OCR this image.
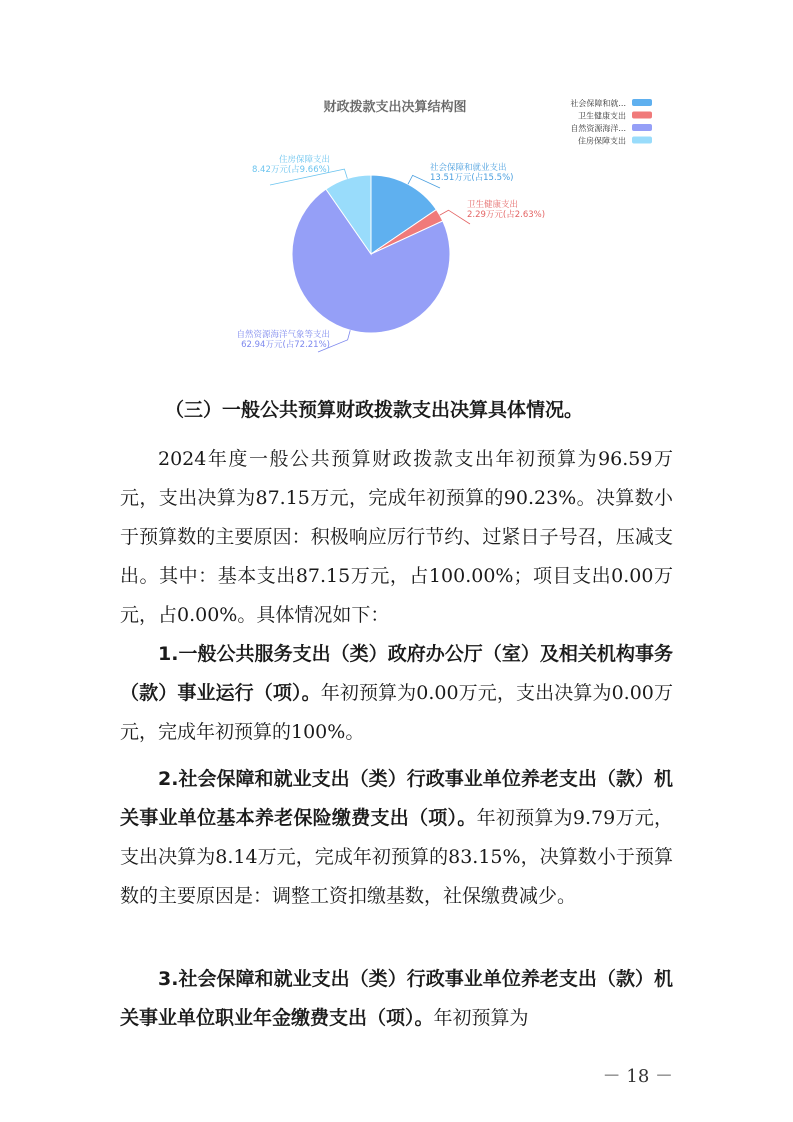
财政拨款支出决算结构图
社会保障和就业支出
13.51万元(占15.5%)
卫生健康支出
2.29万元(占2.63%)
自然资源海洋气象等支出
62.94万元(占72.21%)
住房保障支出
8.42万元(占9.66%)
社会保障和就...
卫生健康支出
自然资源海洋...
住房保障支出

（三）一般公共预算财政拨款支出决算具体情况。

2024年度一般公共预算财政拨款支出年初预算为96.59万元，支出决算为87.15万元，完成年初预算的90.23%。决算数小于预算数的主要原因：积极响应厉行节约、过紧日子号召，压减支出。其中：基本支出87.15万元，占100.00%；项目支出0.00万元，占0.00%。具体情况如下：

1.一般公共服务支出（类）政府办公厅（室）及相关机构事务（款）事业运行（项）。年初预算为0.00万元，支出决算为0.00万元，完成年初预算的100%。

2.社会保障和就业支出（类）行政事业单位养老支出（款）机关事业单位基本养老保险缴费支出（项）。年初预算为9.79万元，支出决算为8.14万元，完成年初预算的83.15%，决算数小于预算数的主要原因是：调整工资扣缴基数，社保缴费减少。

3.社会保障和就业支出（类）行政事业单位养老支出（款）机关事业单位职业年金缴费支出（项）。年初预算为

－ 18 －
